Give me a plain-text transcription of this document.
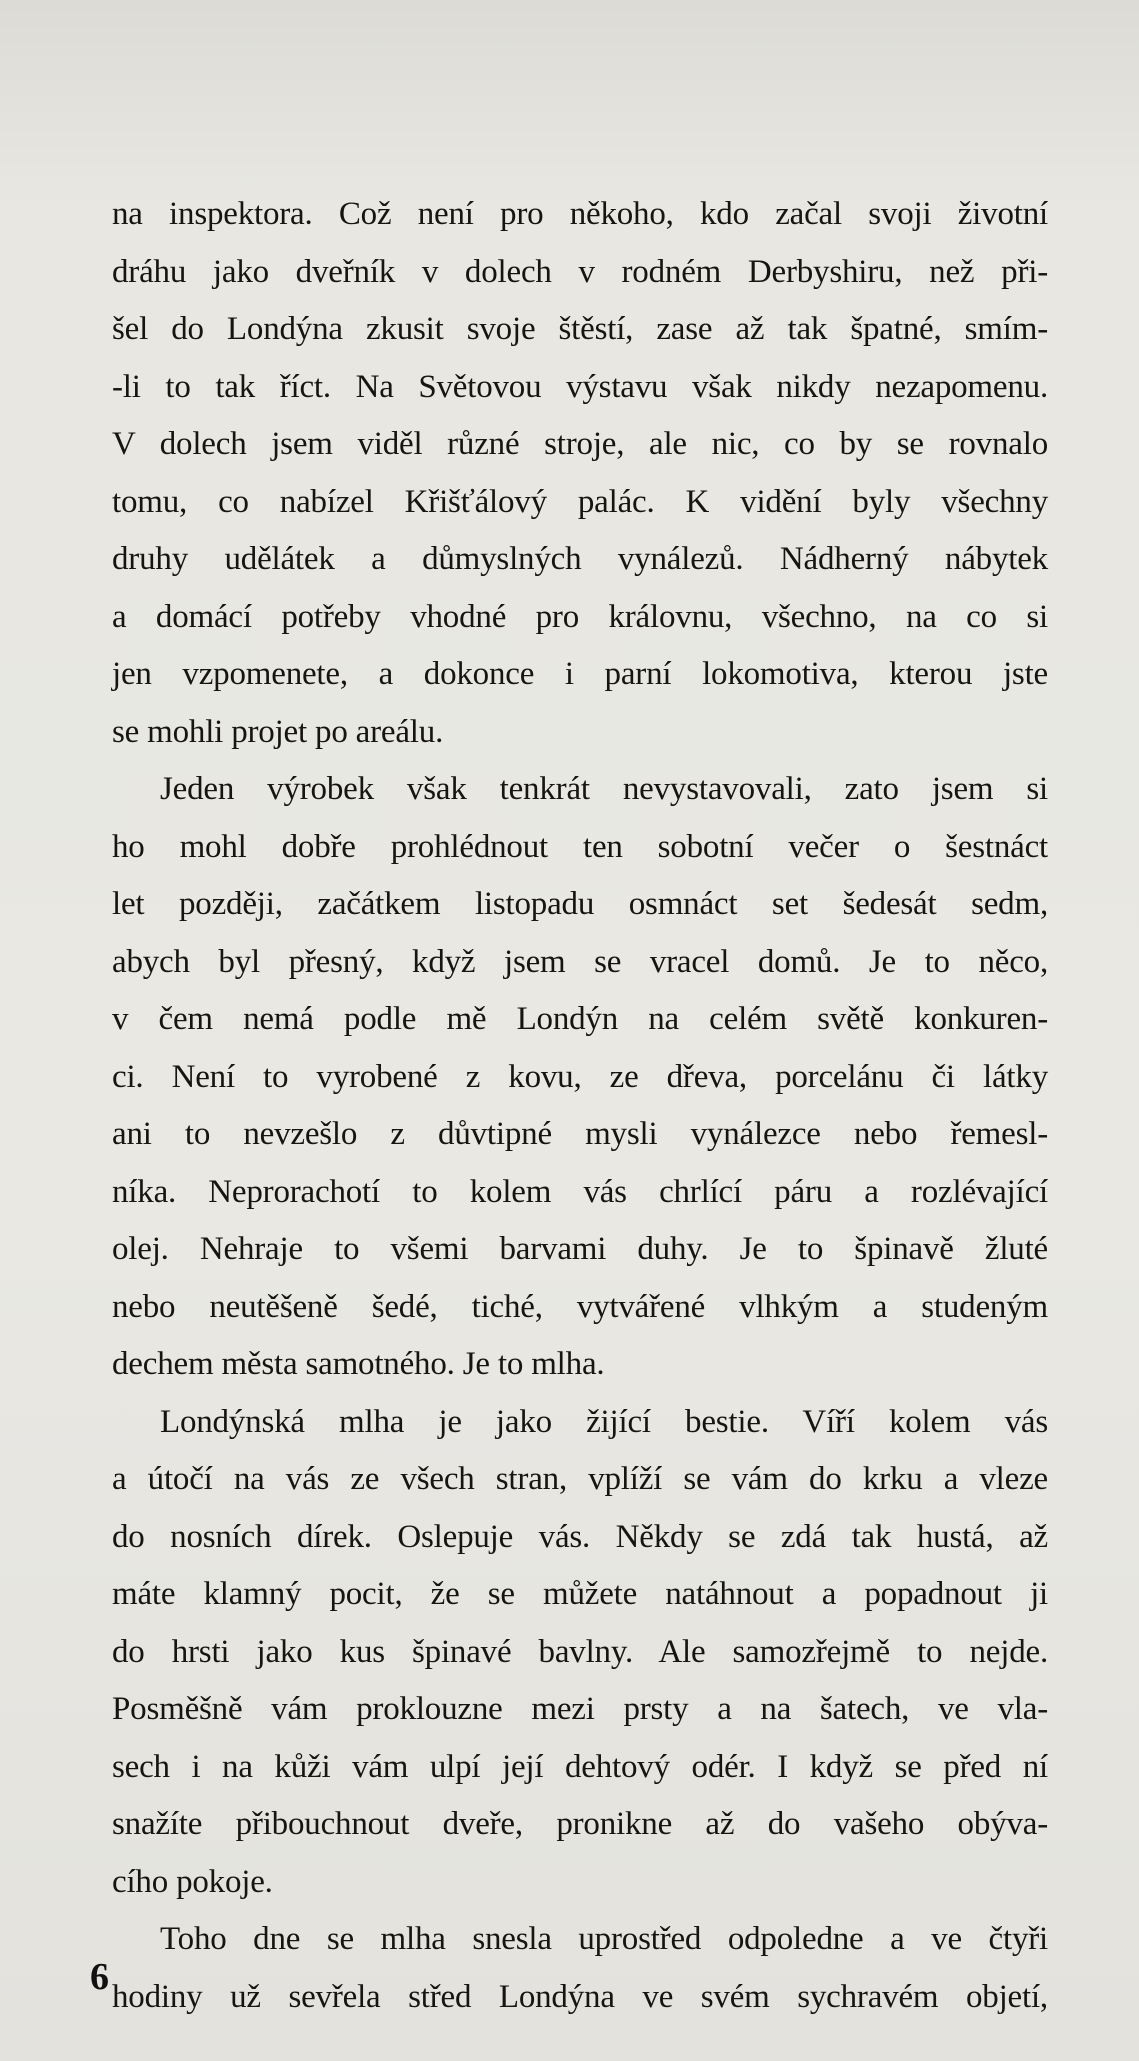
na inspektora. Což není pro někoho, kdo začal svoji životní
dráhu jako dveřník v dolech v rodném Derbyshiru, než při-
šel do Londýna zkusit svoje štěstí, zase až tak špatné, smím-
-li to tak říct. Na Světovou výstavu však nikdy nezapomenu.
V dolech jsem viděl různé stroje, ale nic, co by se rovnalo
tomu, co nabízel Křišťálový palác. K vidění byly všechny
druhy udělátek a důmyslných vynálezů. Nádherný nábytek
a domácí potřeby vhodné pro královnu, všechno, na co si
jen vzpomenete, a dokonce i parní lokomotiva, kterou jste
se mohli projet po areálu.
Jeden výrobek však tenkrát nevystavovali, zato jsem si
ho mohl dobře prohlédnout ten sobotní večer o šestnáct
let později, začátkem listopadu osmnáct set šedesát sedm,
abych byl přesný, když jsem se vracel domů. Je to něco,
v čem nemá podle mě Londýn na celém světě konkuren-
ci. Není to vyrobené z kovu, ze dřeva, porcelánu či látky
ani to nevzešlo z důvtipné mysli vynálezce nebo řemesl-
níka. Neprorachotí to kolem vás chrlící páru a rozlévající
olej. Nehraje to všemi barvami duhy. Je to špinavě žluté
nebo neutěšeně šedé, tiché, vytvářené vlhkým a studeným
dechem města samotného. Je to mlha.
Londýnská mlha je jako žijící bestie. Víří kolem vás
a útočí na vás ze všech stran, vplíží se vám do krku a vleze
do nosních dírek. Oslepuje vás. Někdy se zdá tak hustá, až
máte klamný pocit, že se můžete natáhnout a popadnout ji
do hrsti jako kus špinavé bavlny. Ale samozřejmě to nejde.
Posměšně vám proklouzne mezi prsty a na šatech, ve vla-
sech i na kůži vám ulpí její dehtový odér. I když se před ní
snažíte přibouchnout dveře, pronikne až do vašeho obýva-
cího pokoje.
Toho dne se mlha snesla uprostřed odpoledne a ve čtyři
hodiny už sevřela střed Londýna ve svém sychravém objetí,
6
